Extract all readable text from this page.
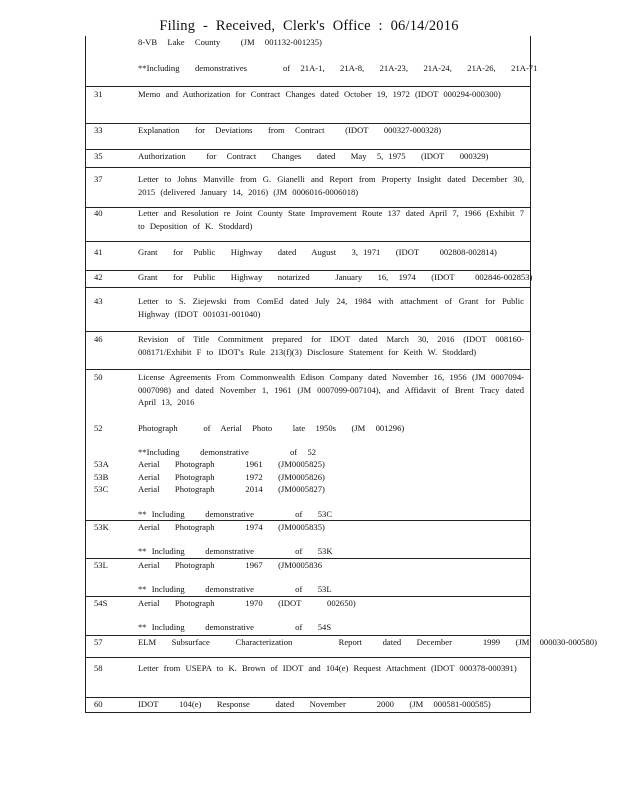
Filing - Received, Clerk's Office : 06/14/2016
8-VB  Lake  County    (JM  001132-001235)
**Including   demonstratives       of  21A-1,   21A-8,   21A-23,   21A-24,   21A-26,   21A-71
31	Memo and Authorization for Contract Changes dated October 19, 1972 (IDOT 000294-000300)
33	Explanation   for  Deviations   from  Contract    (IDOT   000327-000328)
35	Authorization    for  Contract   Changes   dated   May  5, 1975   (IDOT   000329)
37	Letter to Johns Manville from G. Gianelli and Report from Property Insight dated December 30, 2015 (delivered January 14, 2016) (JM 0006016-0006018)
40	Letter and Resolution re Joint County State Improvement Route 137 dated April 7, 1966 (Exhibit 7 to Deposition of K. Stoddard)
41	Grant   for  Public   Highway   dated   August   3, 1971   (IDOT    002808-002814)
42	Grant   for  Public   Highway   notarized     January   16,  1974   (IDOT    002846-002853)
43	Letter to S. Ziejewski from ComEd dated July 24, 1984 with attachment of Grant for Public Highway (IDOT 001031-001040)
46	Revision of Title Commitment prepared for IDOT dated March 30, 2016 (IDOT 008160-008171/Exhibit F to IDOT's Rule 213(f)(3) Disclosure Statement for Keith W. Stoddard)
50	License Agreements From Commonwealth Edison Company dated November 16, 1956 (JM 0007094-0007098) and dated November 1, 1961 (JM 0007099-007104), and Affidavit of Brent Tracy dated April 13, 2016
52	Photograph     of  Aerial  Photo    late  1950s   (JM  001296)
**Including    demonstrative        of  52
53A	Aerial   Photograph      1961   (JM0005825)
53B	Aerial   Photograph      1972   (JM0005826)
53C	Aerial   Photograph      2014   (JM0005827)
** Including    demonstrative        of   53C
53K	Aerial   Photograph      1974   (JM0005835)
** Including    demonstrative        of   53K
53L	Aerial   Photograph      1967   (JM0005836
** Including    demonstrative        of   53L
54S	Aerial   Photograph      1970   (IDOT     002650)
** Including    demonstrative        of   54S
57	ELM   Subsurface     Characterization         Report    dated   December      1999   (JM  000030-000580)
58	Letter from USEPA to K. Brown of IDOT and 104(e) Request Attachment (IDOT 000378-000391)
60	IDOT    104(e)   Response     dated   November      2000   (JM  000581-000585)
